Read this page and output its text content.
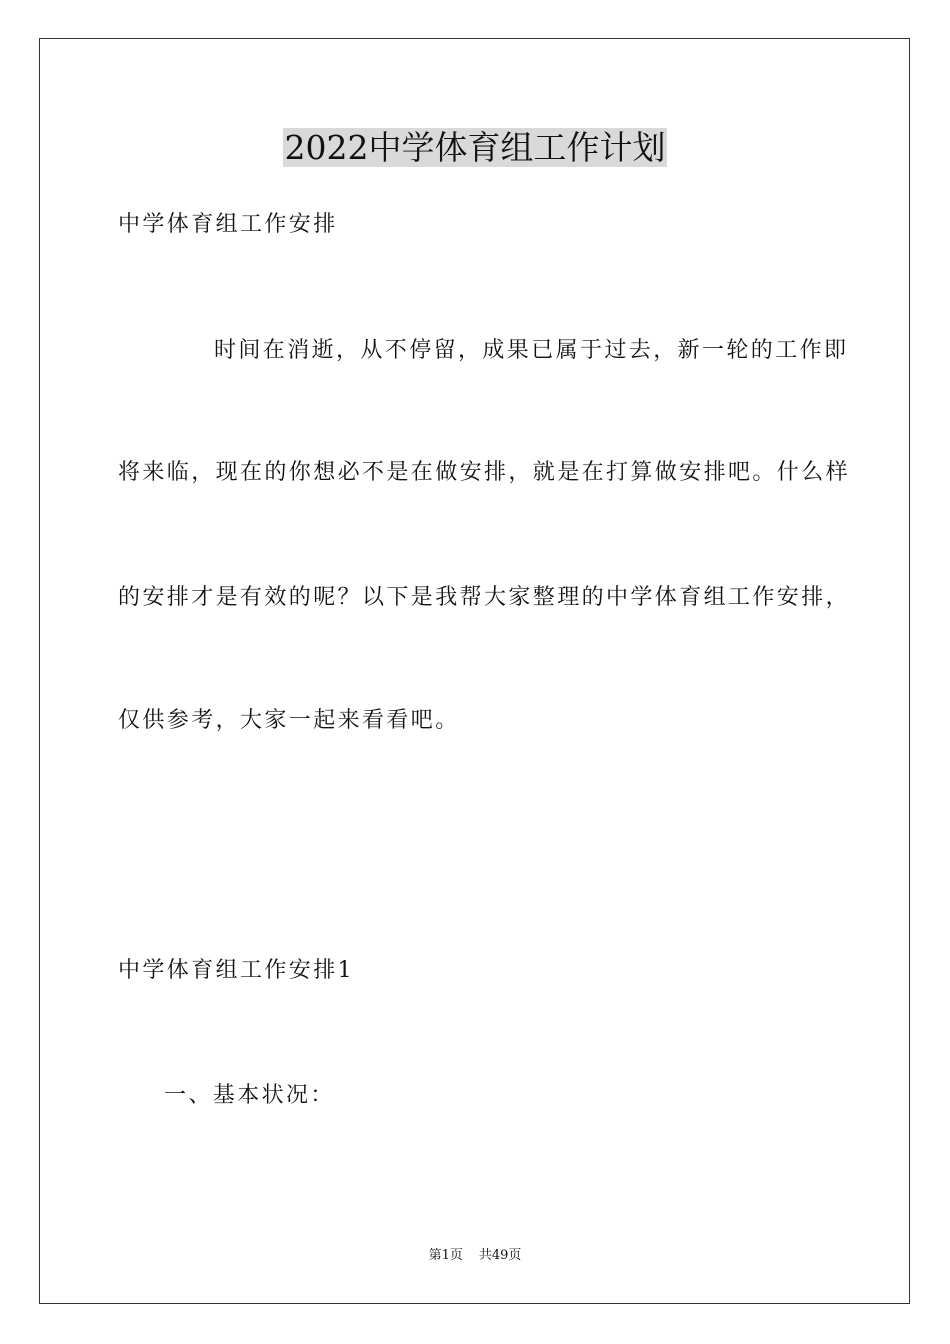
2022中学体育组工作计划
中学体育组工作安排
时间在消逝，从不停留，成果已属于过去，新一轮的工作即
将来临，现在的你想必不是在做安排，就是在打算做安排吧。什么样
的安排才是有效的呢？以下是我帮大家整理的中学体育组工作安排，
仅供参考，大家一起来看看吧。
中学体育组工作安排1
一、基本状况：
第1页 共49页
